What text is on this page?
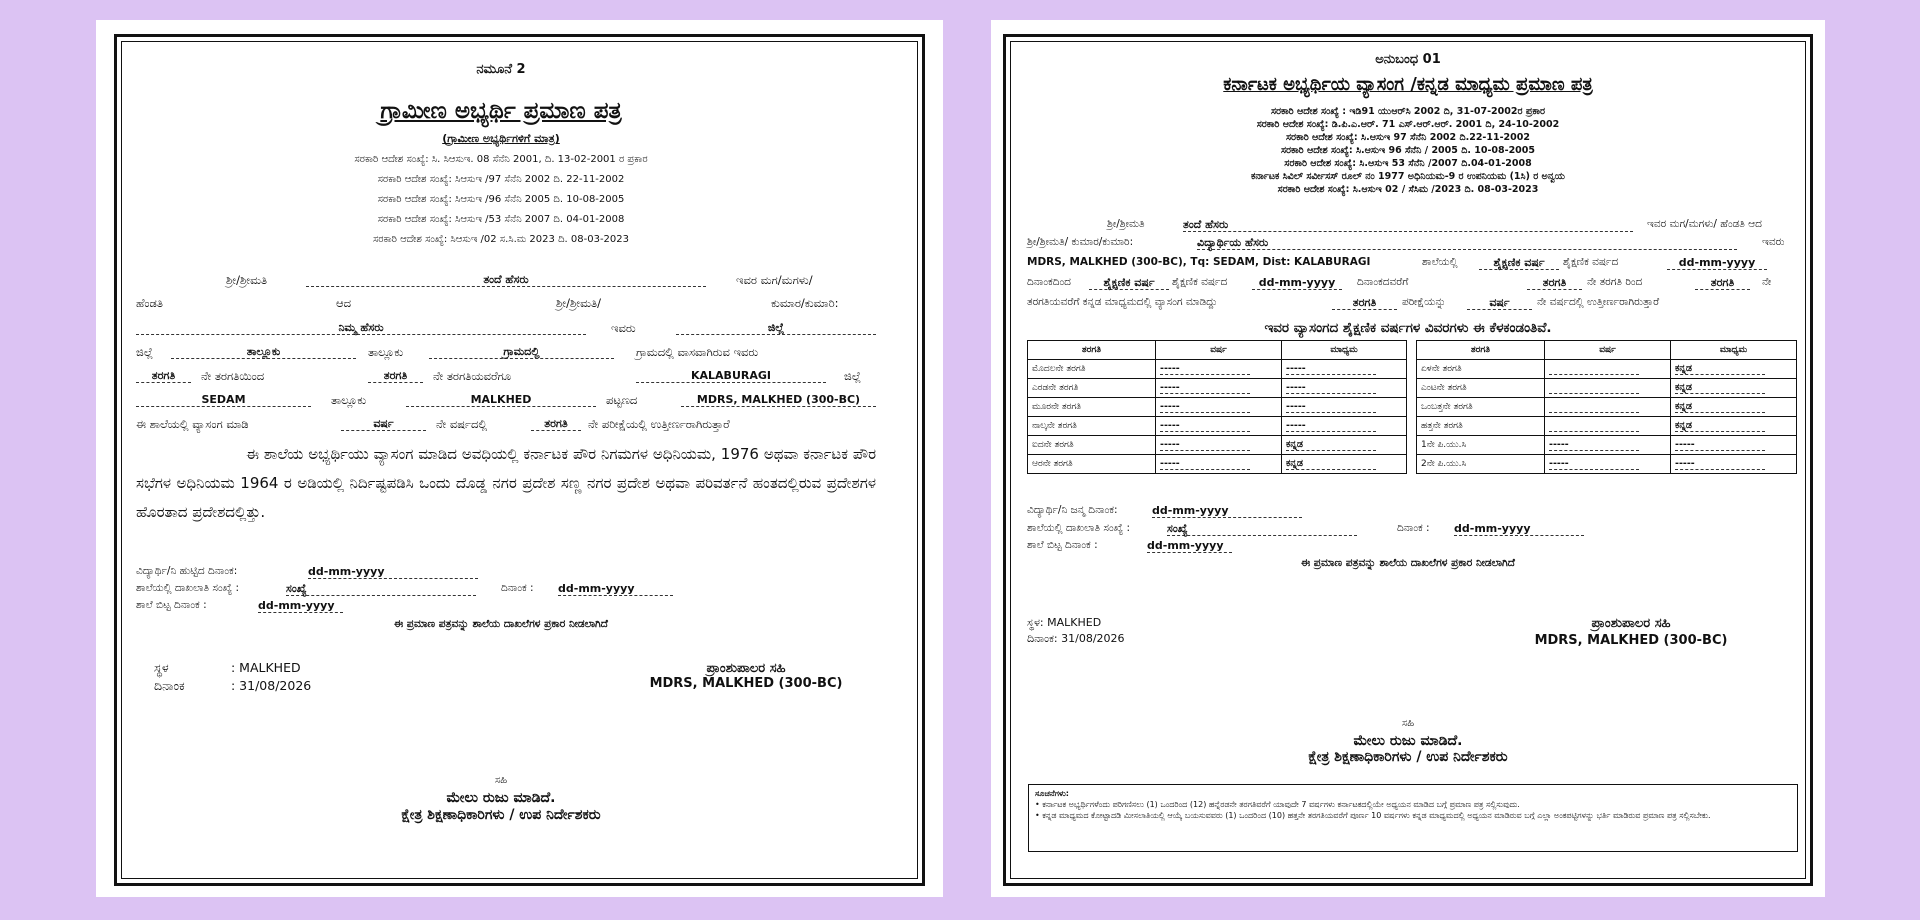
ನಮೂನೆ 2
ಗ್ರಾಮೀಣ ಅಭ್ಯರ್ಥಿ ಪ್ರಮಾಣ ಪತ್ರ
(ಗ್ರಾಮೀಣ ಅಭ್ಯರ್ಥಿಗಳಿಗೆ ಮಾತ್ರ)
ಸರಕಾರಿ ಆದೇಶ ಸಂಖ್ಯೆ: ಸಿ. ಸಿಆಸುಇ. 08 ಸೆನೆನಿ 2001, ದಿ. 13-02-2001 ರ ಪ್ರಕಾರ
ಸರಕಾರಿ ಆದೇಶ ಸಂಖ್ಯೆ: ಸಿಆಸುಇ /97 ಸೆನೆನಿ 2002 ದಿ. 22-11-2002
ಸರಕಾರಿ ಆದೇಶ ಸಂಖ್ಯೆ: ಸಿಆಸುಇ /96 ಸೆನೆನಿ 2005 ದಿ. 10-08-2005
ಸರಕಾರಿ ಆದೇಶ ಸಂಖ್ಯೆ: ಸಿಆಸುಇ /53 ಸೆನೆನಿ 2007 ದಿ. 04-01-2008
ಸರಕಾರಿ ಆದೇಶ ಸಂಖ್ಯೆ: ಸಿಆಸುಇ /02 ಸ.ಸಿ.ಮ 2023 ದಿ. 08-03-2023
ಶ್ರೀ/ಶ್ರೀಮತಿ	ತಂದೆ ಹೆಸರು	ಇವರ ಮಗ/ಮಗಳು/
ಹೆಂಡತಿ	ಆದ	ಶ್ರೀ/ಶ್ರೀಮತಿ/	ಕುಮಾರ/ಕುಮಾರಿ:
ನಿಮ್ಮ ಹೆಸರು	ಇವರು	ಜಿಲ್ಲೆ
ಜಿಲ್ಲೆ	ತಾಲ್ಲೂಕು	ತಾಲ್ಲೂಕು	ಗ್ರಾಮದಲ್ಲಿ	ಗ್ರಾಮದಲ್ಲಿ ವಾಸವಾಗಿರುವ ಇವರು
ತರಗತಿ	ನೇ ತರಗತಿಯಿಂದ	ತರಗತಿ	ನೇ ತರಗತಿಯವರೆಗೂ	KALABURAGI	ಜಿಲ್ಲೆ
SEDAM	ತಾಲ್ಲೂಕು	MALKHED	ಪಟ್ಟಣದ	MDRS, MALKHED (300-BC)
ಈ ಶಾಲೆಯಲ್ಲಿ ವ್ಯಾಸಂಗ ಮಾಡಿ	ವರ್ಷ	ನೇ ವರ್ಷದಲ್ಲಿ	ತರಗತಿ	ನೇ ಪರೀಕ್ಷೆಯಲ್ಲಿ ಉತ್ತೀರ್ಣರಾಗಿರುತ್ತಾರೆ
ಈ ಶಾಲೆಯ ಅಭ್ಯರ್ಥಿಯು ವ್ಯಾಸಂಗ ಮಾಡಿದ ಅವಧಿಯಲ್ಲಿ ಕರ್ನಾಟಕ ಪೌರ ನಿಗಮಗಳ ಅಧಿನಿಯಮ, 1976 ಅಥವಾ ಕರ್ನಾಟಕ ಪೌರ ಸಭೆಗಳ ಅಧಿನಿಯಮ 1964 ರ ಅಡಿಯಲ್ಲಿ ನಿರ್ದಿಷ್ಟಪಡಿಸಿ ಒಂದು ದೊಡ್ಡ ನಗರ ಪ್ರದೇಶ ಸಣ್ಣ ನಗರ ಪ್ರದೇಶ ಅಥವಾ ಪರಿವರ್ತನೆ ಹಂತದಲ್ಲಿರುವ ಪ್ರದೇಶಗಳ ಹೊರತಾದ ಪ್ರದೇಶದಲ್ಲಿತ್ತು.
ವಿದ್ಯಾರ್ಥಿ/ನಿ ಹುಟ್ಟಿದ ದಿನಾಂಕ:	dd-mm-yyyy
ಶಾಲೆಯಲ್ಲಿ ದಾಖಲಾತಿ ಸಂಖ್ಯೆ :	ಸಂಖ್ಯೆ	ದಿನಾಂಕ : dd-mm-yyyy
ಶಾಲೆ ಬಿಟ್ಟ ದಿನಾಂಕ :	dd-mm-yyyy
ಈ ಪ್ರಮಾಣ ಪತ್ರವನ್ನು ಶಾಲೆಯ ದಾಖಲೆಗಳ ಪ್ರಕಾರ ನೀಡಲಾಗಿದೆ
ಸ್ಥಳ	: MALKHED
ದಿನಾಂಕ	: 31/08/2026
ಪ್ರಾಂಶುಪಾಲರ ಸಹಿ
MDRS, MALKHED (300-BC)
ಸಹಿ
ಮೇಲು ರುಜು ಮಾಡಿದೆ.
ಕ್ಷೇತ್ರ ಶಿಕ್ಷಣಾಧಿಕಾರಿಗಳು / ಉಪ ನಿರ್ದೇಶಕರು
ಅನುಬಂಧ 01
ಕರ್ನಾಟಕ ಅಭ್ಯರ್ಥಿಯ ವ್ಯಾಸಂಗ /ಕನ್ನಡ ಮಾಧ್ಯಮ ಪ್ರಮಾಣ ಪತ್ರ
ಸರಕಾರಿ ಆದೇಶ ಸಂಖ್ಯೆ : ಇಡಿ91 ಯುಆರ್‌ಸಿ 2002 ದಿ, 31-07-2002ರ ಪ್ರಕಾರ
ಸರಕಾರಿ ಆದೇಶ ಸಂಖ್ಯೆ: ಡಿ.ಪಿ.ಎ.ಆರ್. 71 ಎಸ್.ಆರ್.ಆರ್. 2001 ದಿ, 24-10-2002
ಸರಕಾರಿ ಆದೇಶ ಸಂಖ್ಯೆ: ಸಿ.ಆಸುಇ 97 ಸೆನೆನಿ 2002 ದಿ.22-11-2002
ಸರಕಾರಿ ಆದೇಶ ಸಂಖ್ಯೆ: ಸಿ.ಆಸುಇ 96 ಸೆನೆನಿ / 2005 ದಿ. 10-08-2005
ಸರಕಾರಿ ಆದೇಶ ಸಂಖ್ಯೆ: ಸಿ.ಆಸುಇ 53 ಸೆನೆನಿ /2007 ದಿ.04-01-2008
ಕರ್ನಾಟಕ ಸಿವಿಲ್ ಸರ್ವೀಸಸ್ ರೂಲ್ ನಂ 1977 ಅಧಿನಿಯಮ-9 ರ ಉಪನಿಯಮ (1ಸಿ) ರ ಅನ್ವಯ
ಸರಕಾರಿ ಆದೇಶ ಸಂಖ್ಯೆ: ಸಿ.ಆಸುಇ 02 / ಸೆಸಿಮ /2023 ದಿ. 08-03-2023
ಶ್ರೀ/ಶ್ರೀಮತಿ	ತಂದೆ ಹೆಸರು	ಇವರ ಮಗ/ಮಗಳು/ ಹೆಂಡತಿ ಆದ
ಶ್ರೀ/ಶ್ರೀಮತಿ/ ಕುಮಾರ/ಕುಮಾರಿ:	ವಿದ್ಯಾರ್ಥಿಯ ಹೆಸರು	ಇವರು
MDRS, MALKHED (300-BC), Tq: SEDAM, Dist: KALABURAGI	ಶಾಲೆಯಲ್ಲಿ	ಶೈಕ್ಷಣಿಕ ವರ್ಷ	ಶೈಕ್ಷಣಿಕ ವರ್ಷದ	dd-mm-yyyy
ದಿನಾಂಕದಿಂದ	ಶೈಕ್ಷಣಿಕ ವರ್ಷ	ಶೈಕ್ಷಣಿಕ ವರ್ಷದ	dd-mm-yyyy	ದಿನಾಂಕದವರೆಗೆ	ತರಗತಿ	ನೇ ತರಗತಿ ರಿಂದ	ತರಗತಿ	ನೇ
ತರಗತಿಯವರೆಗೆ ಕನ್ನಡ ಮಾಧ್ಯಮದಲ್ಲಿ ವ್ಯಾಸಂಗ ಮಾಡಿದ್ದು	ತರಗತಿ	ಪರೀಕ್ಷೆಯನ್ನು	ವರ್ಷ	ನೇ ವರ್ಷದಲ್ಲಿ ಉತ್ತೀರ್ಣರಾಗಿರುತ್ತಾರೆ
ಇವರ ವ್ಯಾಸಂಗದ ಶೈಕ್ಷಣಿಕ ವರ್ಷಗಳ ವಿವರಗಳು ಈ ಕೆಳಕಂಡಂತಿವೆ.
ತರಗತಿ	ವರ್ಷ	ಮಾಧ್ಯಮ
ಮೊದಲನೇ ತರಗತಿ	-----	-----
ಎರಡನೇ ತರಗತಿ	-----	-----
ಮೂರನೇ ತರಗತಿ	-----	-----
ನಾಲ್ಕನೇ ತರಗತಿ	-----	-----
ಐದನೇ ತರಗತಿ	-----	ಕನ್ನಡ
ಆರನೇ ತರಗತಿ	-----	ಕನ್ನಡ
ತರಗತಿ	ವರ್ಷ	ಮಾಧ್ಯಮ
ಏಳನೇ ತರಗತಿ		ಕನ್ನಡ
ಎಂಟನೇ ತರಗತಿ		ಕನ್ನಡ
ಒಂಬತ್ತನೇ ತರಗತಿ		ಕನ್ನಡ
ಹತ್ತನೇ ತರಗತಿ		ಕನ್ನಡ
1ನೇ ಪಿ.ಯು.ಸಿ	-----	-----
2ನೇ ಪಿ.ಯು.ಸಿ	-----	-----
ವಿದ್ಯಾರ್ಥಿ/ನಿ ಜನ್ಮ ದಿನಾಂಕ:	dd-mm-yyyy
ಶಾಲೆಯಲ್ಲಿ ದಾಖಲಾತಿ ಸಂಖ್ಯೆ :	ಸಂಖ್ಯೆ	ದಿನಾಂಕ : dd-mm-yyyy
ಶಾಲೆ ಬಿಟ್ಟ ದಿನಾಂಕ :	dd-mm-yyyy
ಈ ಪ್ರಮಾಣ ಪತ್ರವನ್ನು ಶಾಲೆಯ ದಾಖಲೆಗಳ ಪ್ರಕಾರ ನೀಡಲಾಗಿದೆ
ಸ್ಥಳ: MALKHED
ದಿನಾಂಕ: 31/08/2026
ಪ್ರಾಂಶುಪಾಲರ ಸಹಿ
MDRS, MALKHED (300-BC)
ಸಹಿ
ಮೇಲು ರುಜು ಮಾಡಿದೆ.
ಕ್ಷೇತ್ರ ಶಿಕ್ಷಣಾಧಿಕಾರಿಗಳು / ಉಪ ನಿರ್ದೇಶಕರು
ಸೂಚನೆಗಳು:
• ಕರ್ನಾಟಕ ಅಭ್ಯರ್ಥಿಗಳೆಂದು ಪರಿಗಣಿಸಲು (1) ಒಂದರಿಂದ (12) ಹನ್ನೆರಡನೇ ತರಗತಿವರೆಗೆ ಯಾವುದೇ 7 ವರ್ಷಗಳು ಕರ್ನಾಟಕದಲ್ಲಿಯೇ ಅಧ್ಯಯನ ಮಾಡಿದ ಬಗ್ಗೆ ಪ್ರಮಾಣ ಪತ್ರ ಸಲ್ಲಿಸುವುದು.
• ಕನ್ನಡ ಮಾಧ್ಯಮದ ಕೋಟ್ಟಾದಡಿ ಮೀಸಲಾತಿಯಲ್ಲಿ ಆಯ್ಕೆ ಬಯಸುವವರು (1) ಒಂದರಿಂದ (10) ಹತ್ತನೇ ತರಗತಿಯವರೆಗೆ ಪೂರ್ಣ 10 ವರ್ಷಗಳು ಕನ್ನಡ ಮಾಧ್ಯಮದಲ್ಲಿ ಅಧ್ಯಯನ ಮಾಡಿರುವ ಬಗ್ಗೆ ಎಲ್ಲಾ ಅಂಕಪಟ್ಟಿಗಳನ್ನು ಭರ್ತಿ ಮಾಡಿರುವ ಪ್ರಮಾಣ ಪತ್ರ ಸಲ್ಲಿಸಬೇಕು.
